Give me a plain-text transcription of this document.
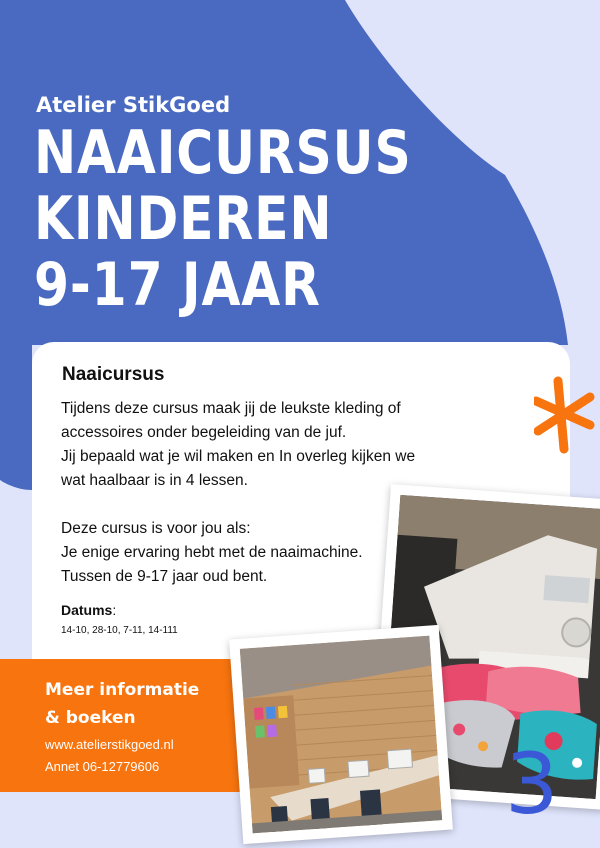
Atelier StikGoed
NAAICURSUS
KINDEREN
9-17 JAAR
Naaicursus
Tijdens deze cursus maak jij de leukste kleding of
accessoires onder begeleiding van de juf.
Jij bepaald wat je wil maken en In overleg kijken we
wat haalbaar is in 4 lessen.
Deze cursus is voor jou als:
Je enige ervaring hebt met de naaimachine.
Tussen de 9-17 jaar oud bent.
Datums:
14-10, 28-10, 7-11, 14-111
Meer informatie
& boeken
www.atelierstikgoed.nl
Annet 06-12779606	3
